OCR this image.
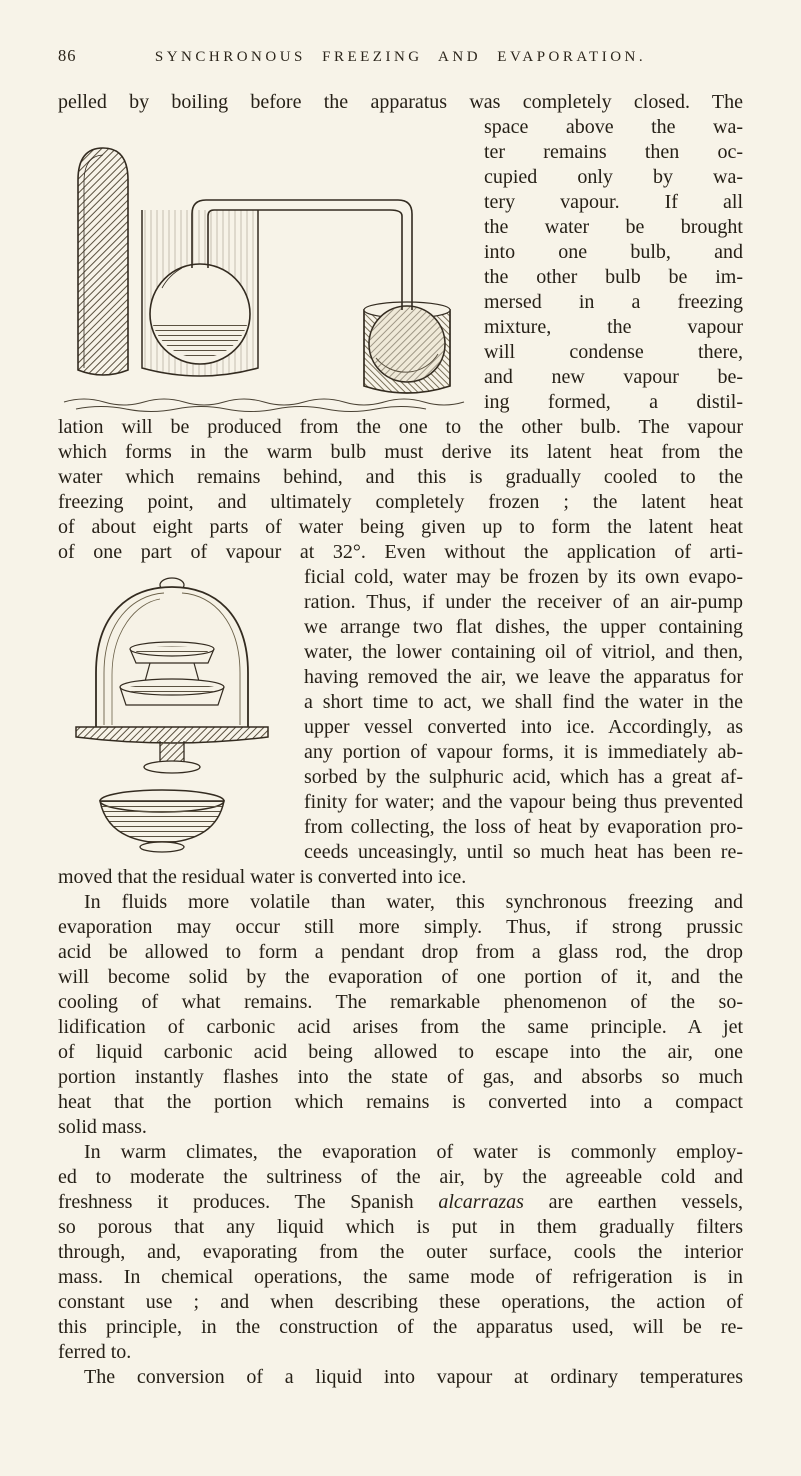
86	SYNCHRONOUS FREEZING AND EVAPORATION.
pelled by boiling before the apparatus was completely closed. The
space above the wa-
ter remains then oc-
cupied only by wa-
tery vapour. If all
the water be brought
into one bulb, and
the other bulb be im-
mersed in a freezing
mixture, the vapour
will condense there,
and new vapour be-
ing formed, a distil-
lation will be produced from the one to the other bulb. The vapour
which forms in the warm bulb must derive its latent heat from the
water which remains behind, and this is gradually cooled to the
freezing point, and ultimately completely frozen ; the latent heat
of about eight parts of water being given up to form the latent heat
of one part of vapour at 32°. Even without the application of arti-
ficial cold, water may be frozen by its own evapo-
ration. Thus, if under the receiver of an air-pump
we arrange two flat dishes, the upper containing
water, the lower containing oil of vitriol, and then,
having removed the air, we leave the apparatus for
a short time to act, we shall find the water in the
upper vessel converted into ice. Accordingly, as
any portion of vapour forms, it is immediately ab-
sorbed by the sulphuric acid, which has a great af-
finity for water; and the vapour being thus prevented
from collecting, the loss of heat by evaporation pro-
ceeds unceasingly, until so much heat has been re-
moved that the residual water is converted into ice.
In fluids more volatile than water, this synchronous freezing and
evaporation may occur still more simply. Thus, if strong prussic
acid be allowed to form a pendant drop from a glass rod, the drop
will become solid by the evaporation of one portion of it, and the
cooling of what remains. The remarkable phenomenon of the so-
lidification of carbonic acid arises from the same principle. A jet
of liquid carbonic acid being allowed to escape into the air, one
portion instantly flashes into the state of gas, and absorbs so much
heat that the portion which remains is converted into a compact
solid mass.
In warm climates, the evaporation of water is commonly employ-
ed to moderate the sultriness of the air, by the agreeable cold and
freshness it produces. The Spanish alcarrazas are earthen vessels,
so porous that any liquid which is put in them gradually filters
through, and, evaporating from the outer surface, cools the interior
mass. In chemical operations, the same mode of refrigeration is in
constant use ; and when describing these operations, the action of
this principle, in the construction of the apparatus used, will be re-
ferred to.
The conversion of a liquid into vapour at ordinary temperatures
